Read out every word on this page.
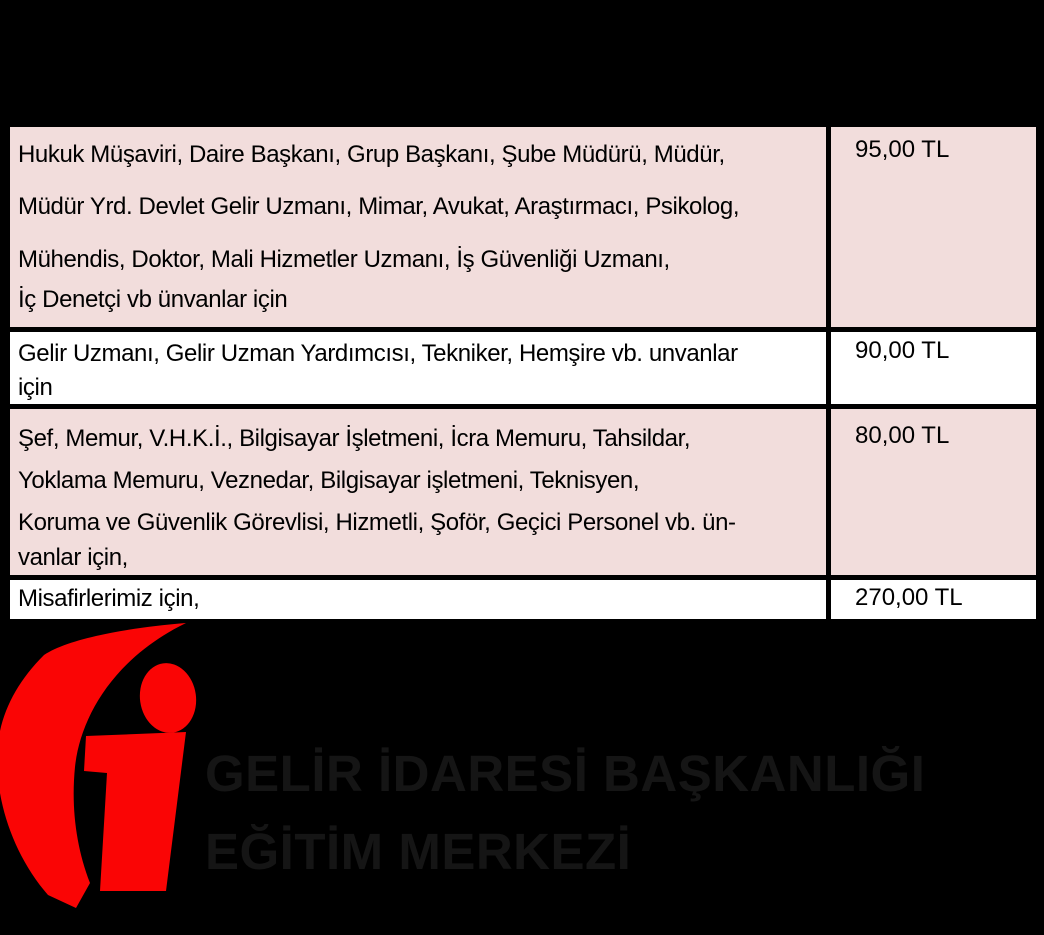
Hukuk Müşaviri, Daire Başkanı, Grup Başkanı, Şube Müdürü, Müdür,
Müdür Yrd. Devlet Gelir Uzmanı, Mimar, Avukat, Araştırmacı, Psikolog,
Mühendis, Doktor, Mali Hizmetler Uzmanı, İş Güvenliği Uzmanı,
İç Denetçi vb ünvanlar için
95,00 TL
Gelir Uzmanı, Gelir Uzman Yardımcısı, Tekniker, Hemşire vb. unvanlar
için
90,00 TL
Şef, Memur, V.H.K.İ., Bilgisayar İşletmeni, İcra Memuru, Tahsildar,
Yoklama Memuru, Veznedar, Bilgisayar işletmeni, Teknisyen,
Koruma ve Güvenlik Görevlisi, Hizmetli, Şoför, Geçici Personel vb. ün-
vanlar için,
80,00 TL
Misafirlerimiz için,	270,00 TL
GELİR İDARESİ BAŞKANLIĞI
EĞİTİM MERKEZİ
